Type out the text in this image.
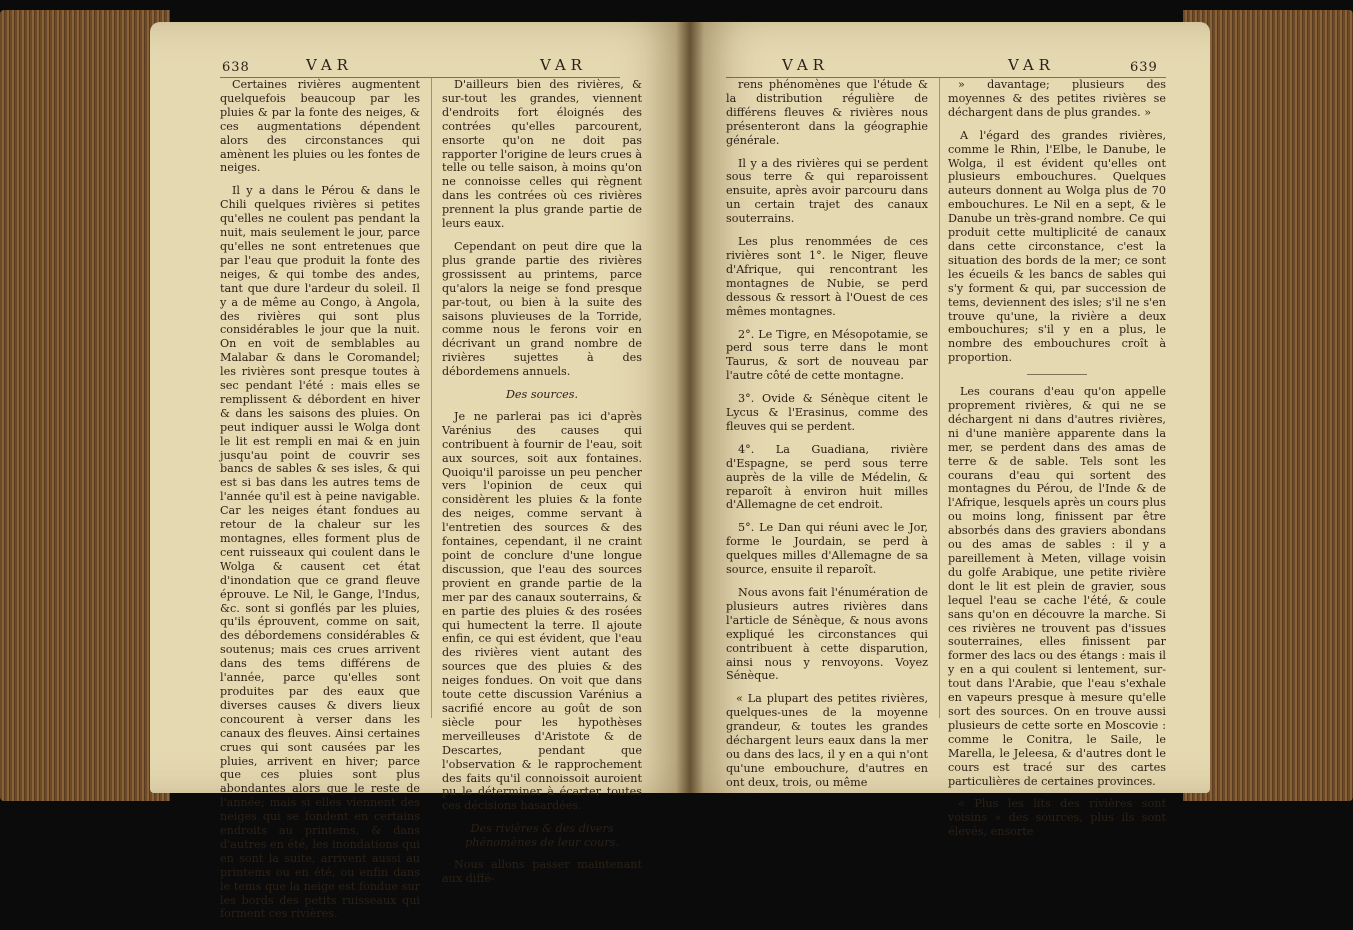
638	VAR	VAR

Certaines rivières augmentent quelquefois beaucoup par les pluies & par la fonte des neiges, & ces augmentations dépendent alors des circonstances qui amènent les pluies ou les fontes de neiges.

Il y a dans le Pérou & dans le Chili quelques rivières si petites qu'elles ne coulent pas pendant la nuit, mais seulement le jour, parce qu'elles ne sont entretenues que par l'eau que produit la fonte des neiges, & qui tombe des andes, tant que dure l'ardeur du soleil. Il y a de même au Congo, à Angola, des rivières qui sont plus considérables le jour que la nuit. On en voit de semblables au Malabar & dans le Coromandel; les rivières sont presque toutes à sec pendant l'été : mais elles se remplissent & débordent en hiver & dans les saisons des pluies. On peut indiquer aussi le Wolga dont le lit est rempli en mai & en juin jusqu'au point de couvrir ses bancs de sables & ses isles, & qui est si bas dans les autres tems de l'année qu'il est à peine navigable. Car les neiges étant fondues au retour de la chaleur sur les montagnes, elles forment plus de cent ruisseaux qui coulent dans le Wolga & causent cet état d'inondation que ce grand fleuve éprouve. Le Nil, le Gange, l'Indus, &c. sont si gonflés par les pluies, qu'ils éprouvent, comme on sait, des débordemens considérables & soutenus; mais ces crues arrivent dans des tems différens de l'année, parce qu'elles sont produites par des eaux que diverses causes & divers lieux concourent à verser dans les canaux des fleuves. Ainsi certaines crues qui sont causées par les pluies, arrivent en hiver; parce que ces pluies sont plus abondantes alors que le reste de l'année; mais si elles viennent des neiges qui se fondent en certains endroits au printems, & dans d'autres en été, les inondations qui en sont la suite, arrivent aussi au printems ou en été, ou enfin dans le tems que la neige est fondue sur les bords des petits ruisseaux qui forment ces rivières.

D'ailleurs bien des rivières, & sur-tout les grandes, viennent d'endroits fort éloignés des contrées qu'elles parcourent, ensorte qu'on ne doit pas rapporter l'origine de leurs crues à telle ou telle saison, à moins qu'on ne connoisse celles qui règnent dans les contrées où ces rivières prennent la plus grande partie de leurs eaux.

Cependant on peut dire que la plus grande partie des rivières grossissent au printems, parce qu'alors la neige se fond presque par-tout, ou bien à la suite des saisons pluvieuses de la Torride, comme nous le ferons voir en décrivant un grand nombre de rivières sujettes à des débordemens annuels.

Des sources.

Je ne parlerai pas ici d'après Varénius des causes qui contribuent à fournir de l'eau, soit aux sources, soit aux fontaines. Quoiqu'il paroisse un peu pencher vers l'opinion de ceux qui considèrent les pluies & la fonte des neiges, comme servant à l'entretien des sources & des fontaines, cependant, il ne craint point de conclure d'une longue discussion, que l'eau des sources provient en grande partie de la mer par des canaux souterrains, & en partie des pluies & des rosées qui humectent la terre. Il ajoute enfin, ce qui est évident, que l'eau des rivières vient autant des sources que des pluies & des neiges fondues. On voit que dans toute cette discussion Varénius a sacrifié encore au goût de son siècle pour les hypothèses merveilleuses d'Aristote & de Descartes, pendant que l'observation & le rapprochement des faits qu'il connoissoit auroient pu le déterminer à écarter toutes ces décisions hasardées.

Des rivières & des divers phénomènes de leur cours.

Nous allons passer maintenant aux diffé-

VAR	VAR	639

rens phénomènes que l'étude & la distribution régulière de différens fleuves & rivières nous présenteront dans la géographie générale.

Il y a des rivières qui se perdent sous terre & qui reparoissent ensuite, après avoir parcouru dans un certain trajet des canaux souterrains.

Les plus renommées de ces rivières sont 1°. le Niger, fleuve d'Afrique, qui rencontrant les montagnes de Nubie, se perd dessous & ressort à l'Ouest de ces mêmes montagnes.

2°. Le Tigre, en Mésopotamie, se perd sous terre dans le mont Taurus, & sort de nouveau par l'autre côté de cette montagne.

3°. Ovide & Sénèque citent le Lycus & l'Erasinus, comme des fleuves qui se perdent.

4°. La Guadiana, rivière d'Espagne, se perd sous terre auprès de la ville de Médelin, & reparoît à environ huit milles d'Allemagne de cet endroit.

5°. Le Dan qui réuni avec le Jor, forme le Jourdain, se perd à quelques milles d'Allemagne de sa source, ensuite il reparoît.

Nous avons fait l'énumération de plusieurs autres rivières dans l'article de Sénèque, & nous avons expliqué les circonstances qui contribuent à cette disparution, ainsi nous y renvoyons. Voyez Sénèque.

« La plupart des petites rivières, quelques-unes de la moyenne grandeur, & toutes les grandes déchargent leurs eaux dans la mer ou dans des lacs, il y en a qui n'ont qu'une embouchure, d'autres en ont deux, trois, ou même

» davantage; plusieurs des moyennes & des petites rivières se déchargent dans de plus grandes. »

A l'égard des grandes rivières, comme le Rhin, l'Elbe, le Danube, le Wolga, il est évident qu'elles ont plusieurs embouchures. Quelques auteurs donnent au Wolga plus de 70 embouchures. Le Nil en a sept, & le Danube un très-grand nombre. Ce qui produit cette multiplicité de canaux dans cette circonstance, c'est la situation des bords de la mer; ce sont les écueils & les bancs de sables qui s'y forment & qui, par succession de tems, deviennent des isles; s'il ne s'en trouve qu'une, la rivière a deux embouchures; s'il y en a plus, le nombre des embouchures croît à proportion.

Les courans d'eau qu'on appelle proprement rivières, & qui ne se déchargent ni dans d'autres rivières, ni d'une manière apparente dans la mer, se perdent dans des amas de terre & de sable. Tels sont les courans d'eau qui sortent des montagnes du Pérou, de l'Inde & de l'Afrique, lesquels après un cours plus ou moins long, finissent par être absorbés dans des graviers abondans ou des amas de sables : il y a pareillement à Meten, village voisin du golfe Arabique, une petite rivière dont le lit est plein de gravier, sous lequel l'eau se cache l'été, & coule sans qu'on en découvre la marche. Si ces rivières ne trouvent pas d'issues souterraines, elles finissent par former des lacs ou des étangs : mais il y en a qui coulent si lentement, sur-tout dans l'Arabie, que l'eau s'exhale en vapeurs presque à mesure qu'elle sort des sources. On en trouve aussi plusieurs de cette sorte en Moscovie : comme le Conitra, le Saile, le Marella, le Jeleesa, & d'autres dont le cours est tracé sur des cartes particulières de certaines provinces.

« Plus les lits des rivières sont voisins » des sources, plus ils sont élevés, ensorte
